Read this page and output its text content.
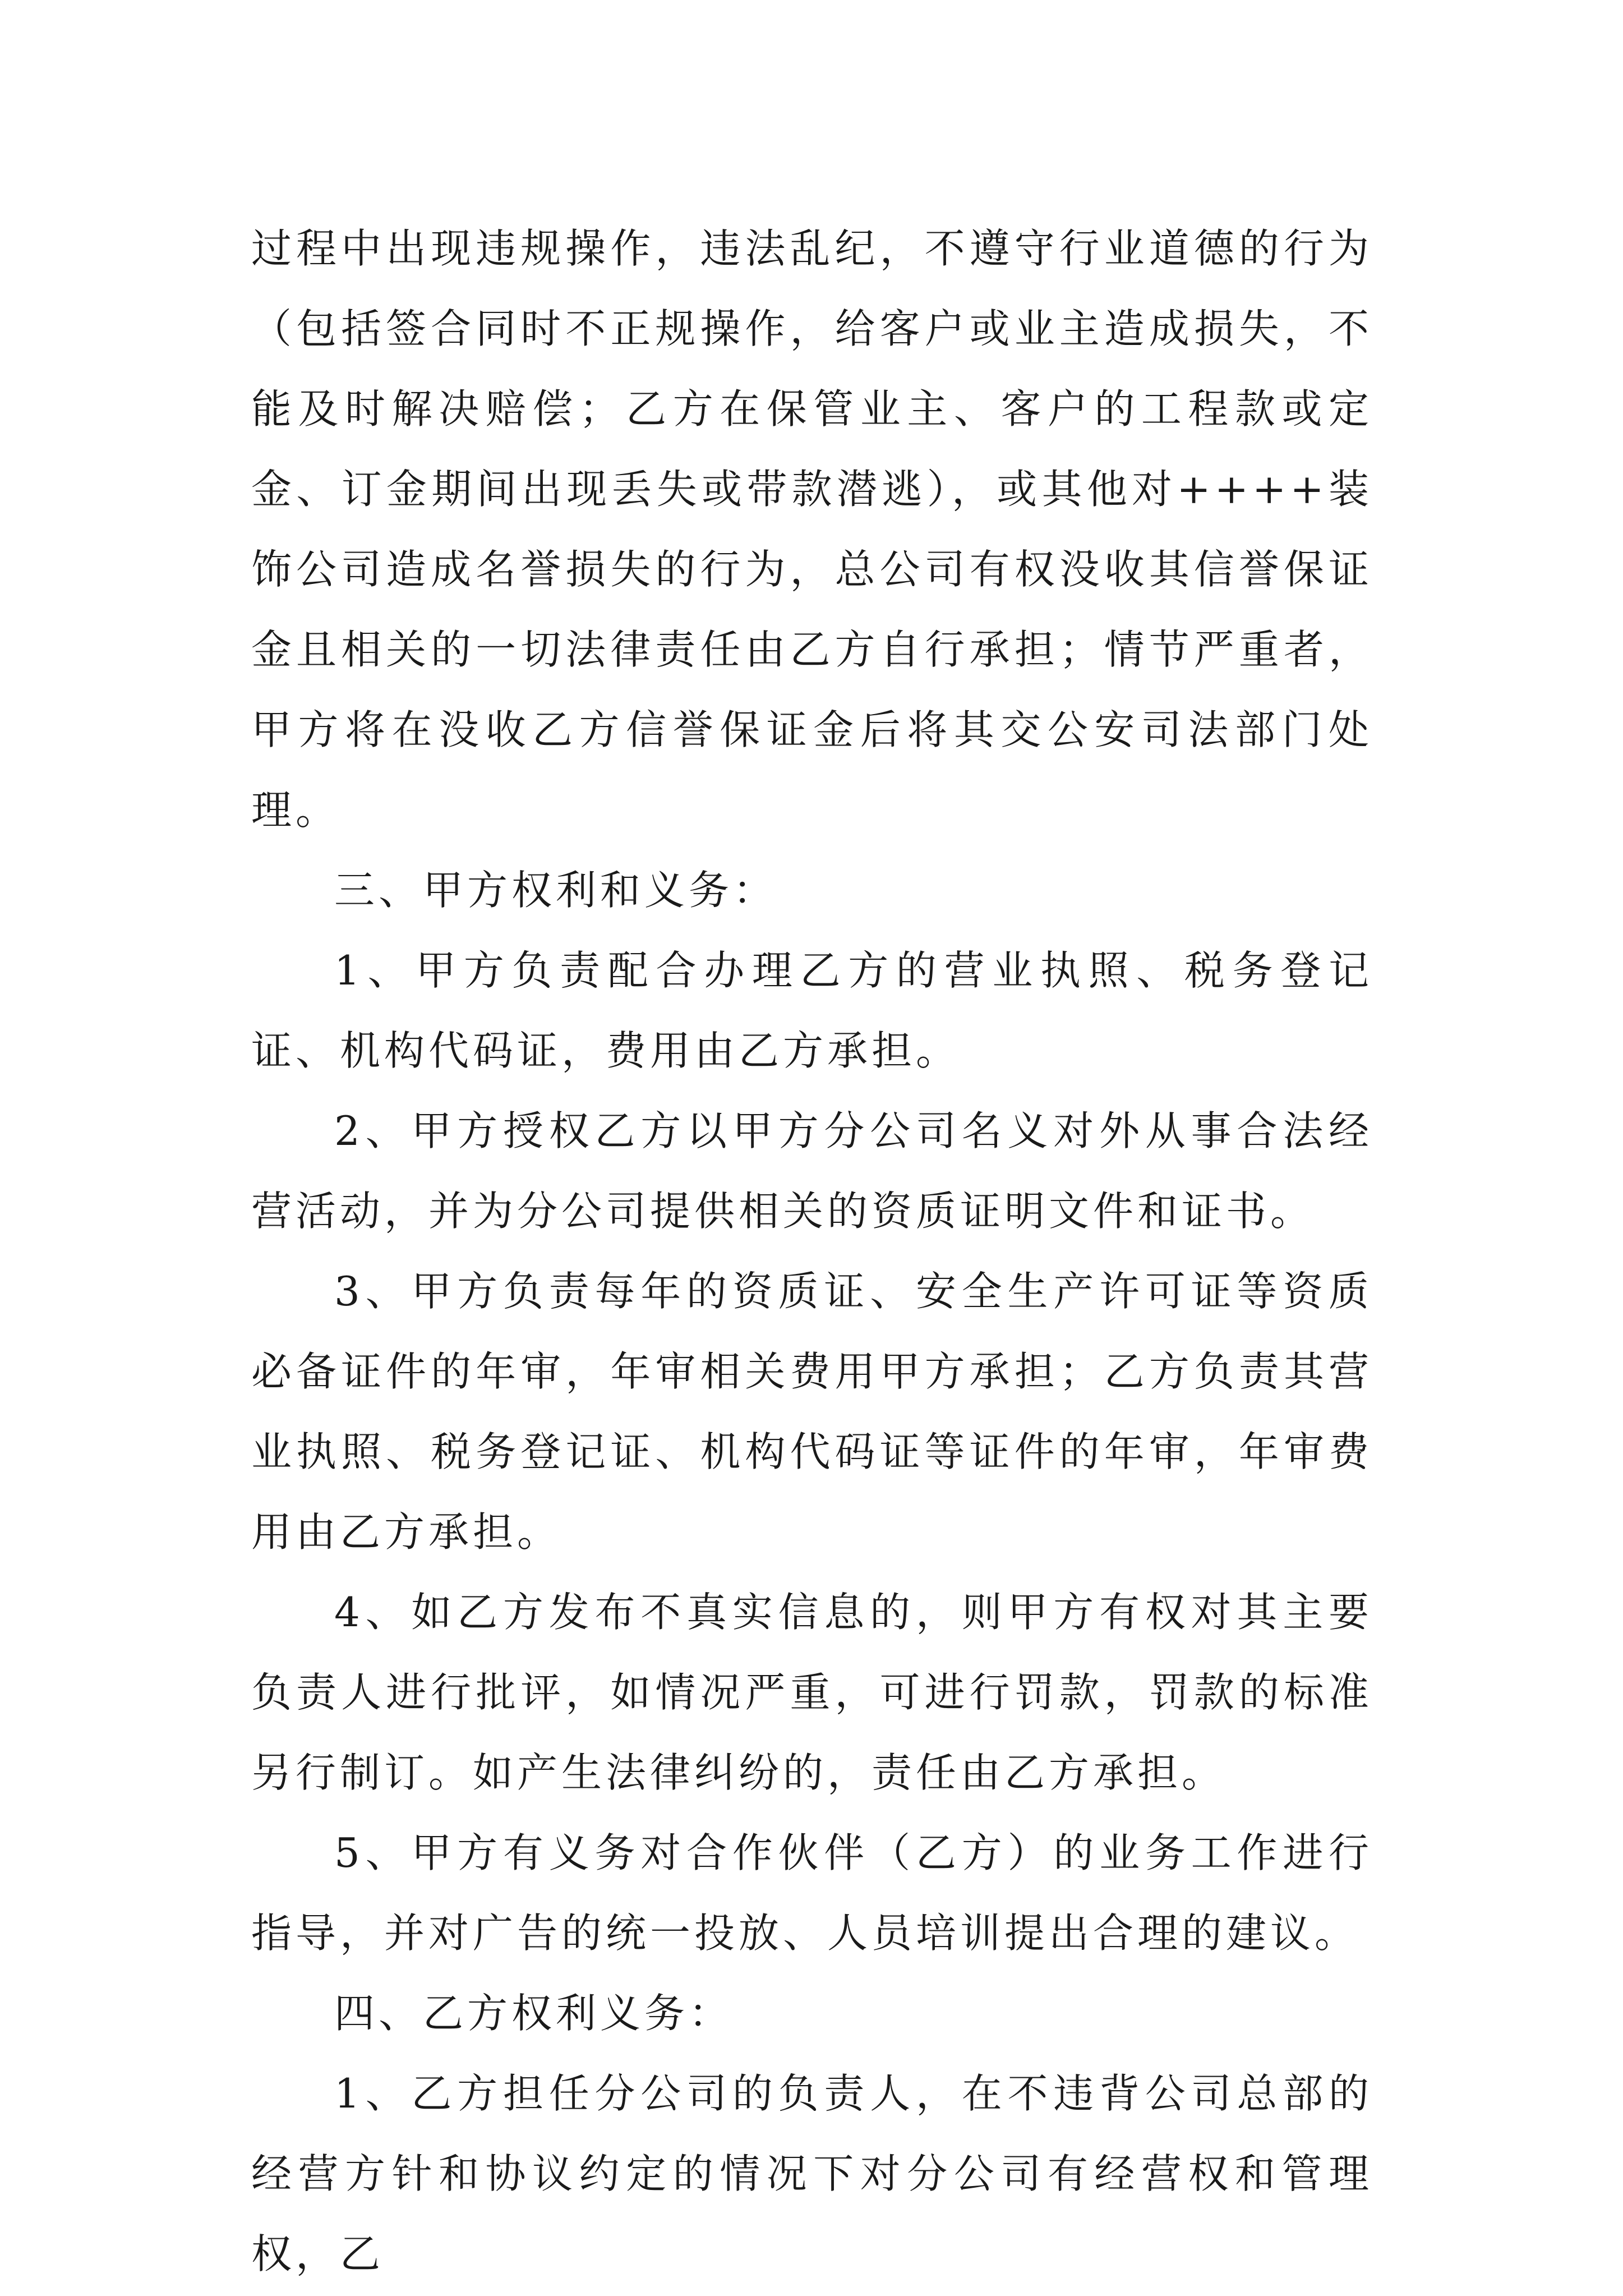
过程中出现违规操作，违法乱纪，不遵守行业道德的行为（包括签合同时不正规操作，给客户或业主造成损失，不能及时解决赔偿；乙方在保管业主、客户的工程款或定金、订金期间出现丢失或带款潜逃），或其他对++++装饰公司造成名誉损失的行为，总公司有权没收其信誉保证金且相关的一切法律责任由乙方自行承担；情节严重者，甲方将在没收乙方信誉保证金后将其交公安司法部门处理。

三、甲方权利和义务：

1、甲方负责配合办理乙方的营业执照、税务登记证、机构代码证，费用由乙方承担。

2、甲方授权乙方以甲方分公司名义对外从事合法经营活动，并为分公司提供相关的资质证明文件和证书。

3、甲方负责每年的资质证、安全生产许可证等资质必备证件的年审，年审相关费用甲方承担；乙方负责其营业执照、税务登记证、机构代码证等证件的年审，年审费用由乙方承担。

4、如乙方发布不真实信息的，则甲方有权对其主要负责人进行批评，如情况严重，可进行罚款，罚款的标准另行制订。如产生法律纠纷的，责任由乙方承担。

5、甲方有义务对合作伙伴（乙方）的业务工作进行指导，并对广告的统一投放、人员培训提出合理的建议。

四、乙方权利义务：

1、乙方担任分公司的负责人，在不违背公司总部的经营方针和协议约定的情况下对分公司有经营权和管理权，乙
